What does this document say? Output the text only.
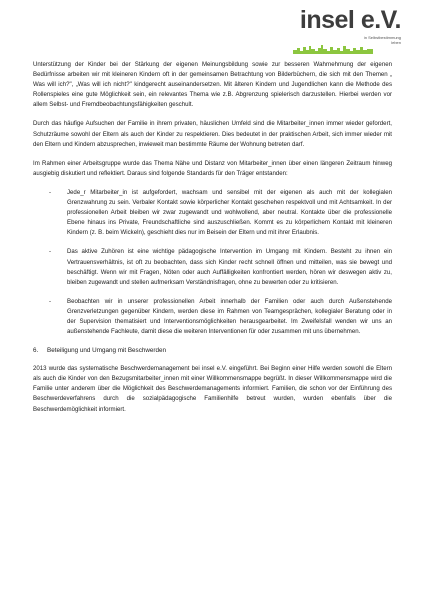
insel e.V.
in Selbstbestimmung leben

Unterstützung der Kinder bei der Stärkung der eigenen Meinungsbildung sowie zur besseren Wahrnehmung der eigenen Bedürfnisse arbeiten wir mit kleineren Kindern oft in der gemeinsamen Betrachtung von Bilderbüchern, die sich mit den Themen „ Was will ich?", „Was will ich nicht?" kindgerecht auseinandersetzen. Mit älteren Kindern und Jugendlichen kann die Methode des Rollenspieles eine gute Möglichkeit sein, ein relevantes Thema wie z.B. Abgrenzung spielerisch darzustellen. Hierbei werden vor allem Selbst- und Fremdbeobachtungsfähigkeiten geschult.

Durch das häufige Aufsuchen der Familie in ihrem privaten, häuslichen Umfeld sind die Mitarbeiter_innen immer wieder gefordert, Schutzräume sowohl der Eltern als auch der Kinder zu respektieren. Dies bedeutet in der praktischen Arbeit, sich immer wieder mit den Eltern und Kindern abzusprechen, inwieweit man bestimmte Räume der Wohnung betreten darf.

Im Rahmen einer Arbeitsgruppe wurde das Thema Nähe und Distanz von Mitarbeiter_innen über einen längeren Zeitraum hinweg ausgiebig diskutiert und reflektiert. Daraus sind folgende Standards für den Träger entstanden:

-	Jede_r Mitarbeiter_in ist aufgefordert, wachsam und sensibel mit der eigenen als auch mit der kollegialen Grenzwahrung zu sein. Verbaler Kontakt sowie körperlicher Kontakt geschehen respektvoll und mit Achtsamkeit. In der professionellen Arbeit bleiben wir zwar zugewandt und wohlwollend, aber neutral. Kontakte über die professionelle Ebene hinaus ins Private, Freundschaftliche sind auszuschließen. Kommt es zu körperlichem Kontakt mit kleineren Kindern (z. B. beim Wickeln), geschieht dies nur im Beisein der Eltern und mit ihrer Erlaubnis.
-	Das aktive Zuhören ist eine wichtige pädagogische Intervention im Umgang mit Kindern. Besteht zu ihnen ein Vertrauensverhältnis, ist oft zu beobachten, dass sich Kinder recht schnell öffnen und mitteilen, was sie bewegt und beschäftigt. Wenn wir mit Fragen, Nöten oder auch Auffälligkeiten konfrontiert werden, hören wir deswegen aktiv zu, bleiben zugewandt und stellen aufmerksam Verständnisfragen, ohne zu bewerten oder zu kritisieren.
-	Beobachten wir in unserer professionellen Arbeit innerhalb der Familien oder auch durch Außenstehende Grenzverletzungen gegenüber Kindern, werden diese im Rahmen von Teamgesprächen, kollegialer Beratung oder in der Supervision thematisiert und Interventionsmöglichkeiten herausgearbeitet. Im Zweifelsfall wenden wir uns an außenstehende Fachleute, damit diese die weiteren Interventionen für oder zusammen mit uns übernehmen.
6. Beteiligung und Umgang mit Beschwerden

2013 wurde das systematische Beschwerdemanagement bei insel e.V. eingeführt. Bei Beginn einer Hilfe werden sowohl die Eltern als auch die Kinder von den Bezugsmitarbeiter_innen mit einer Willkommensmappe begrüßt. In dieser Willkommensmappe wird die Familie unter anderem über die Möglichkeit des Beschwerdemanagements informiert. Familien, die schon vor der Einführung des Beschwerdeverfahrens durch die sozialpädagogische Familienhilfe betreut wurden, wurden ebenfalls über die Beschwerdemöglichkeit informiert.
